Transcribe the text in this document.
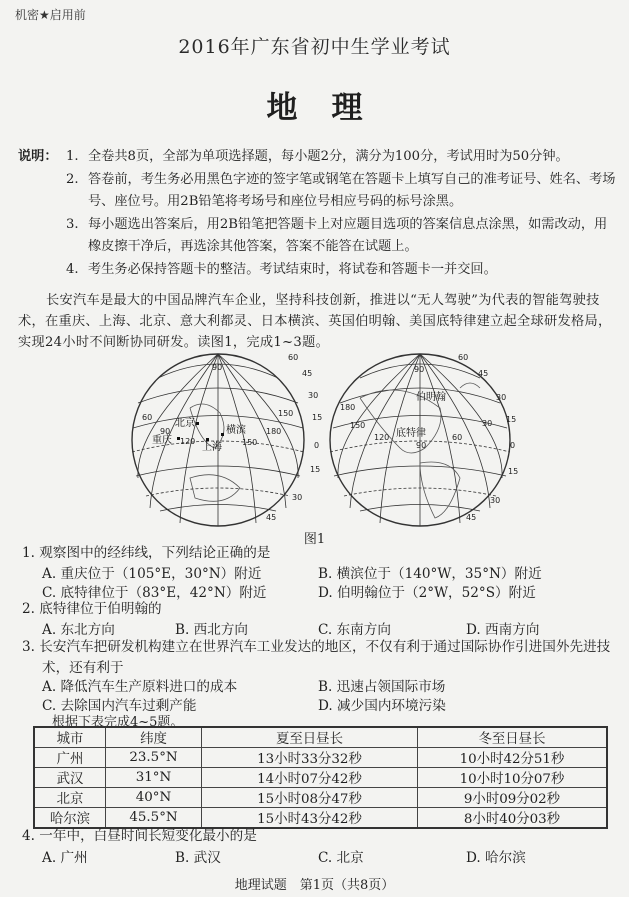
机密★启用前
2016年广东省初中生学业考试
地理
说明： 1. 全卷共8页，全部为单项选择题，每小题2分，满分为100分，考试用时为50分钟。
2. 答卷前，考生务必用黑色字迹的签字笔或钢笔在答题卡上填写自己的准考证号、姓名、考场号、座位号。用2B铅笔将考场号和座位号相应号码的标号涂黑。
3. 每小题选出答案后，用2B铅笔把答题卡上对应题目选项的答案信息点涂黑，如需改动，用橡皮擦干净后，再选涂其他答案，答案不能答在试题上。
4. 考生务必保持答题卡的整洁。考试结束时，将试卷和答题卡一并交回。
长安汽车是最大的中国品牌汽车企业，坚持科技创新，推进以“无人驾驶”为代表的智能驾驶技术，在重庆、上海、北京、意大利都灵、日本横滨、英国伯明翰、美国底特律建立起全球研发格局，实现24小时不间断协同研发。读图1，完成1~3题。
90
60
45
30
15
0
15
30
45
60
90
120	150
180
150
北京
重庆
上海
横滨
90
60
45
30
15
0
15
30
45
180
150
120
90
60
30
伯明翰
底特律
图1
1. 观察图中的经纬线，下列结论正确的是
A. 重庆位于（105°E，30°N）附近	B. 横滨位于（140°W，35°N）附近
C. 底特律位于（83°E，42°N）附近	D. 伯明翰位于（2°W，52°S）附近
2. 底特律位于伯明翰的
A. 东北方向	B. 西北方向	C. 东南方向	D. 西南方向
3. 长安汽车把研发机构建立在世界汽车工业发达的地区，不仅有利于通过国际协作引进国外先进技术，还有利于
A. 降低汽车生产原料进口的成本	B. 迅速占领国际市场
C. 去除国内汽车过剩产能	D. 减少国内环境污染
根据下表完成4~5题。
城市	纬度	夏至日昼长	冬至日昼长
广州	23.5°N	13小时33分32秒	10小时42分51秒
武汉	31°N	14小时07分42秒	10小时10分07秒
北京	40°N	15小时08分47秒	9小时09分02秒
哈尔滨	45.5°N	15小时43分42秒	8小时40分03秒
4. 一年中，白昼时间长短变化最小的是
A. 广州	B. 武汉	C. 北京	D. 哈尔滨
地理试题　第1页（共8页）
